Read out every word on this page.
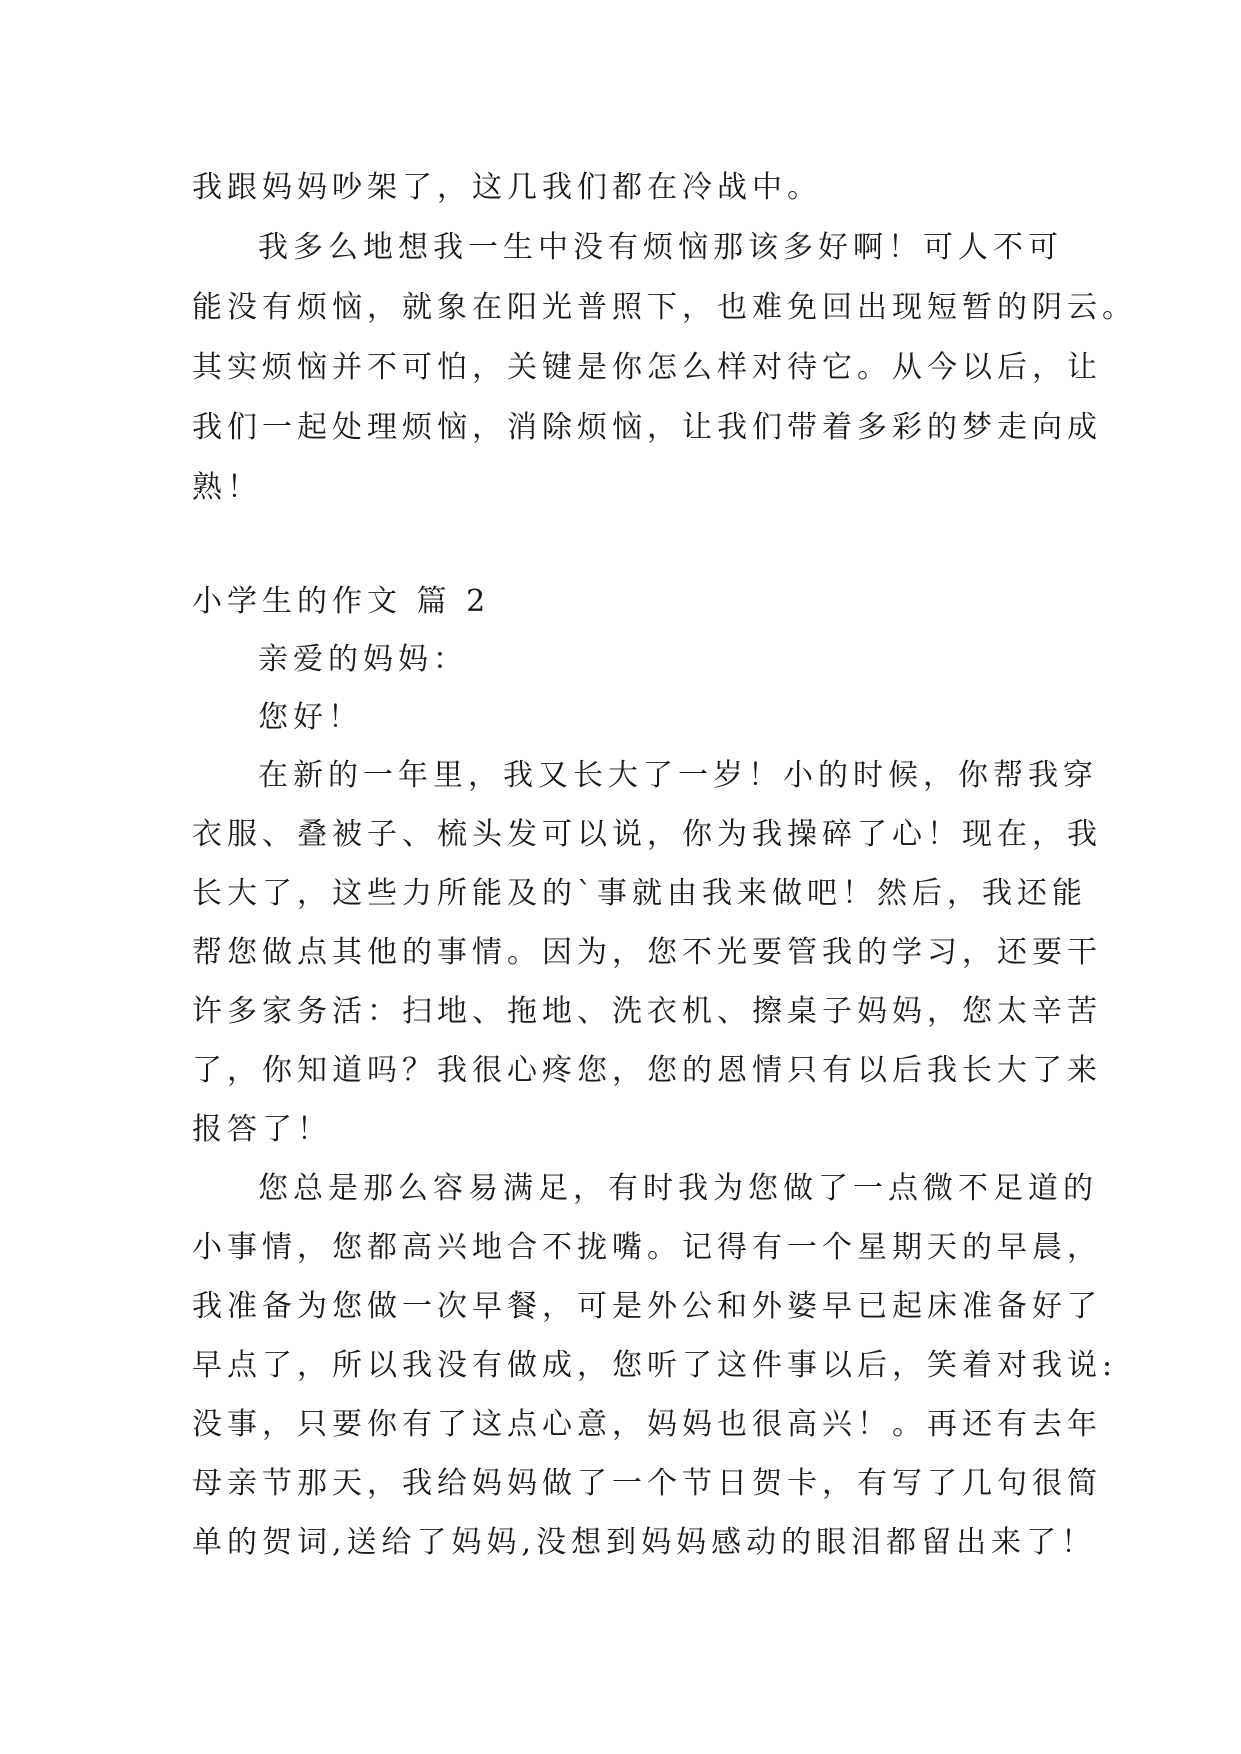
我跟妈妈吵架了，这几我们都在冷战中。
我多么地想我一生中没有烦恼那该多好啊！可人不可
能没有烦恼，就象在阳光普照下，也难免回出现短暂的阴云。
其实烦恼并不可怕，关键是你怎么样对待它。从今以后，让
我们一起处理烦恼，消除烦恼，让我们带着多彩的梦走向成
熟！
小学生的作文 篇 2
亲爱的妈妈：
您好！
在新的一年里，我又长大了一岁！小的时候，你帮我穿
衣服、叠被子、梳头发可以说，你为我操碎了心！现在，我
长大了，这些力所能及的`事就由我来做吧！然后，我还能
帮您做点其他的事情。因为，您不光要管我的学习，还要干
许多家务活：扫地、拖地、洗衣机、擦桌子妈妈，您太辛苦
了，你知道吗？我很心疼您，您的恩情只有以后我长大了来
报答了！
您总是那么容易满足，有时我为您做了一点微不足道的
小事情，您都高兴地合不拢嘴。记得有一个星期天的早晨，
我准备为您做一次早餐，可是外公和外婆早已起床准备好了
早点了，所以我没有做成，您听了这件事以后，笑着对我说:
没事，只要你有了这点心意，妈妈也很高兴！。再还有去年
母亲节那天，我给妈妈做了一个节日贺卡，有写了几句很简
单的贺词,送给了妈妈,没想到妈妈感动的眼泪都留出来了！
